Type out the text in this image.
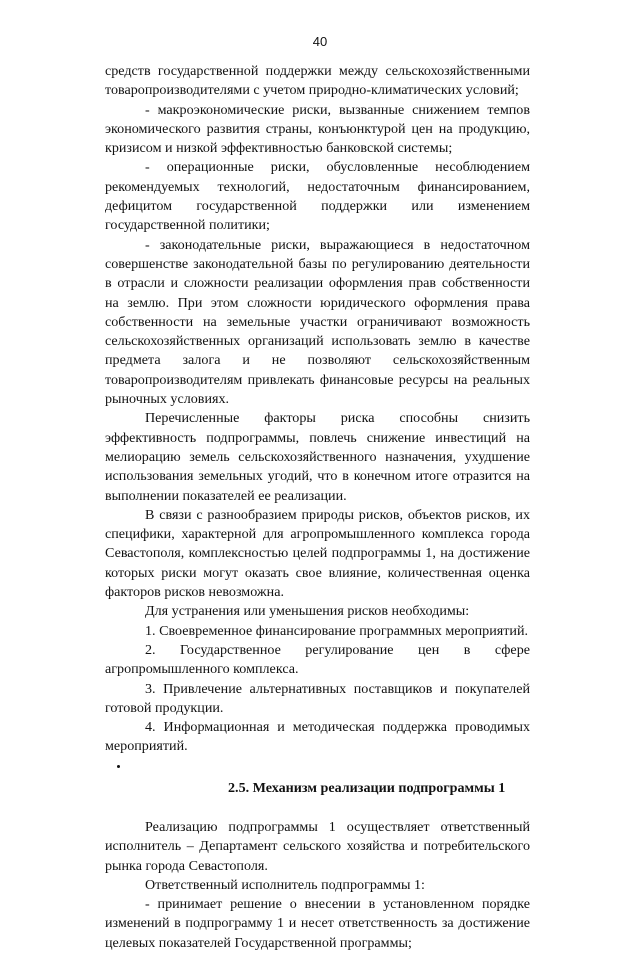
40

средств государственной поддержки между сельскохозяйственными товаропроизводителями с учетом природно-климатических условий;

- макроэкономические риски, вызванные снижением темпов экономического развития страны, конъюнктурой цен на продукцию, кризисом и низкой эффективностью банковской системы;

- операционные риски, обусловленные несоблюдением рекомендуемых технологий, недостаточным финансированием, дефицитом государственной поддержки или изменением государственной политики;

- законодательные риски, выражающиеся в недостаточном совершенстве законодательной базы по регулированию деятельности в отрасли и сложности реализации оформления прав собственности на землю. При этом сложности юридического оформления права собственности на земельные участки ограничивают возможность сельскохозяйственных организаций использовать землю в качестве предмета залога и не позволяют сельскохозяйственным товаропроизводителям привлекать финансовые ресурсы на реальных рыночных условиях.

Перечисленные факторы риска способны снизить эффективность подпрограммы, повлечь снижение инвестиций на мелиорацию земель сельскохозяйственного назначения, ухудшение использования земельных угодий, что в конечном итоге отразится на выполнении показателей ее реализации.

В связи с разнообразием природы рисков, объектов рисков, их специфики, характерной для агропромышленного комплекса города Севастополя, комплексностью целей подпрограммы 1, на достижение которых риски могут оказать свое влияние, количественная оценка факторов рисков невозможна.

Для устранения или уменьшения рисков необходимы:

1. Своевременное финансирование программных мероприятий.

2. Государственное регулирование цен в сфере агропромышленного комплекса.

3. Привлечение альтернативных поставщиков и покупателей готовой продукции.

4. Информационная и методическая поддержка проводимых мероприятий.

2.5. Механизм реализации подпрограммы 1

Реализацию подпрограммы 1 осуществляет ответственный исполнитель – Департамент сельского хозяйства и потребительского рынка города Севастополя.

Ответственный исполнитель подпрограммы 1:

- принимает решение о внесении в установленном порядке изменений в подпрограмму 1 и несет ответственность за достижение целевых показателей Государственной программы;
